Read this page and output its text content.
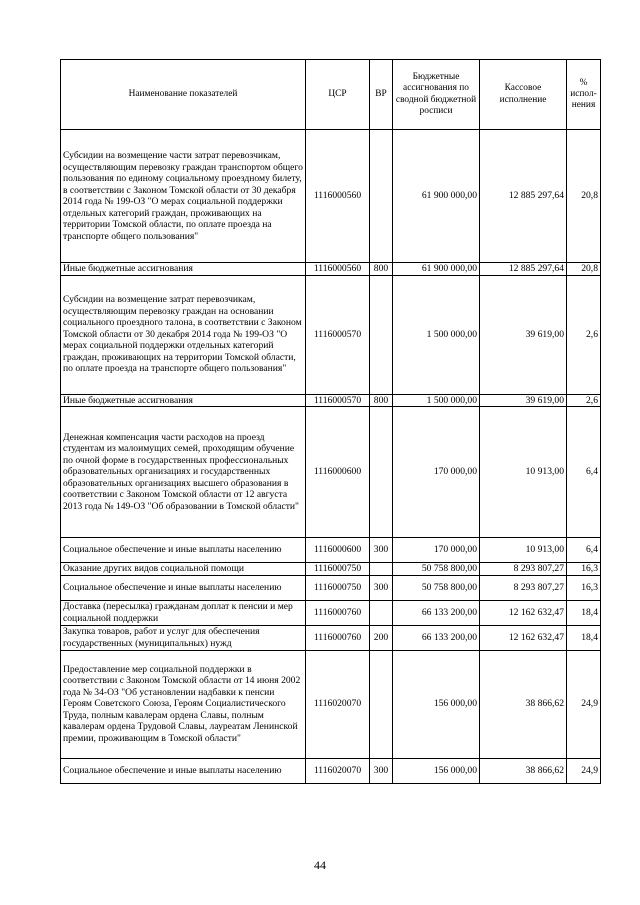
Наименование показателей	ЦСР	ВР	Бюджетные ассигнования по сводной бюджетной росписи	Кассовое исполнение	% испол-нения
Субсидии на возмещение части затрат перевозчикам, осуществляющим перевозку граждан транспортом общего пользования по единому социальному проездному билету, в соответствии с Законом Томской области от 30 декабря 2014 года № 199-ОЗ "О мерах социальной поддержки отдельных категорий граждан, проживающих на территории Томской области, по оплате проезда на транспорте общего пользования"	1116000560		61 900 000,00	12 885 297,64	20,8
Иные бюджетные ассигнования	1116000560	800	61 900 000,00	12 885 297,64	20,8
Субсидии на возмещение затрат перевозчикам, осуществляющим перевозку граждан на основании социального проездного талона, в соответствии с Законом Томской области от 30 декабря 2014 года № 199-ОЗ "О мерах социальной поддержки отдельных категорий граждан, проживающих на территории Томской области, по оплате проезда на транспорте общего пользования"	1116000570		1 500 000,00	39 619,00	2,6
Иные бюджетные ассигнования	1116000570	800	1 500 000,00	39 619,00	2,6
Денежная компенсация части расходов на проезд студентам из малоимущих семей, проходящим обучение по очной форме в государственных профессиональных образовательных организациях и государственных образовательных организациях высшего образования в соответствии с Законом Томской области от 12 августа 2013 года № 149-ОЗ "Об образовании в Томской области"	1116000600		170 000,00	10 913,00	6,4
Социальное обеспечение и иные выплаты населению	1116000600	300	170 000,00	10 913,00	6,4
Оказание других видов социальной помощи	1116000750		50 758 800,00	8 293 807,27	16,3
Социальное обеспечение и иные выплаты населению	1116000750	300	50 758 800,00	8 293 807,27	16,3
Доставка (пересылка) гражданам доплат к пенсии и мер социальной поддержки	1116000760		66 133 200,00	12 162 632,47	18,4
Закупка товаров, работ и услуг для обеспечения государственных (муниципальных) нужд	1116000760	200	66 133 200,00	12 162 632,47	18,4
Предоставление мер социальной поддержки в соответствии с Законом Томской области от 14 июня 2002 года № 34-ОЗ "Об установлении надбавки к пенсии Героям Советского Союза, Героям Социалистического Труда, полным кавалерам ордена Славы, полным кавалерам ордена Трудовой Славы, лауреатам Ленинской премии, проживающим в Томской области"	1116020070		156 000,00	38 866,62	24,9
Социальное обеспечение и иные выплаты населению	1116020070	300	156 000,00	38 866,62	24,9
44
